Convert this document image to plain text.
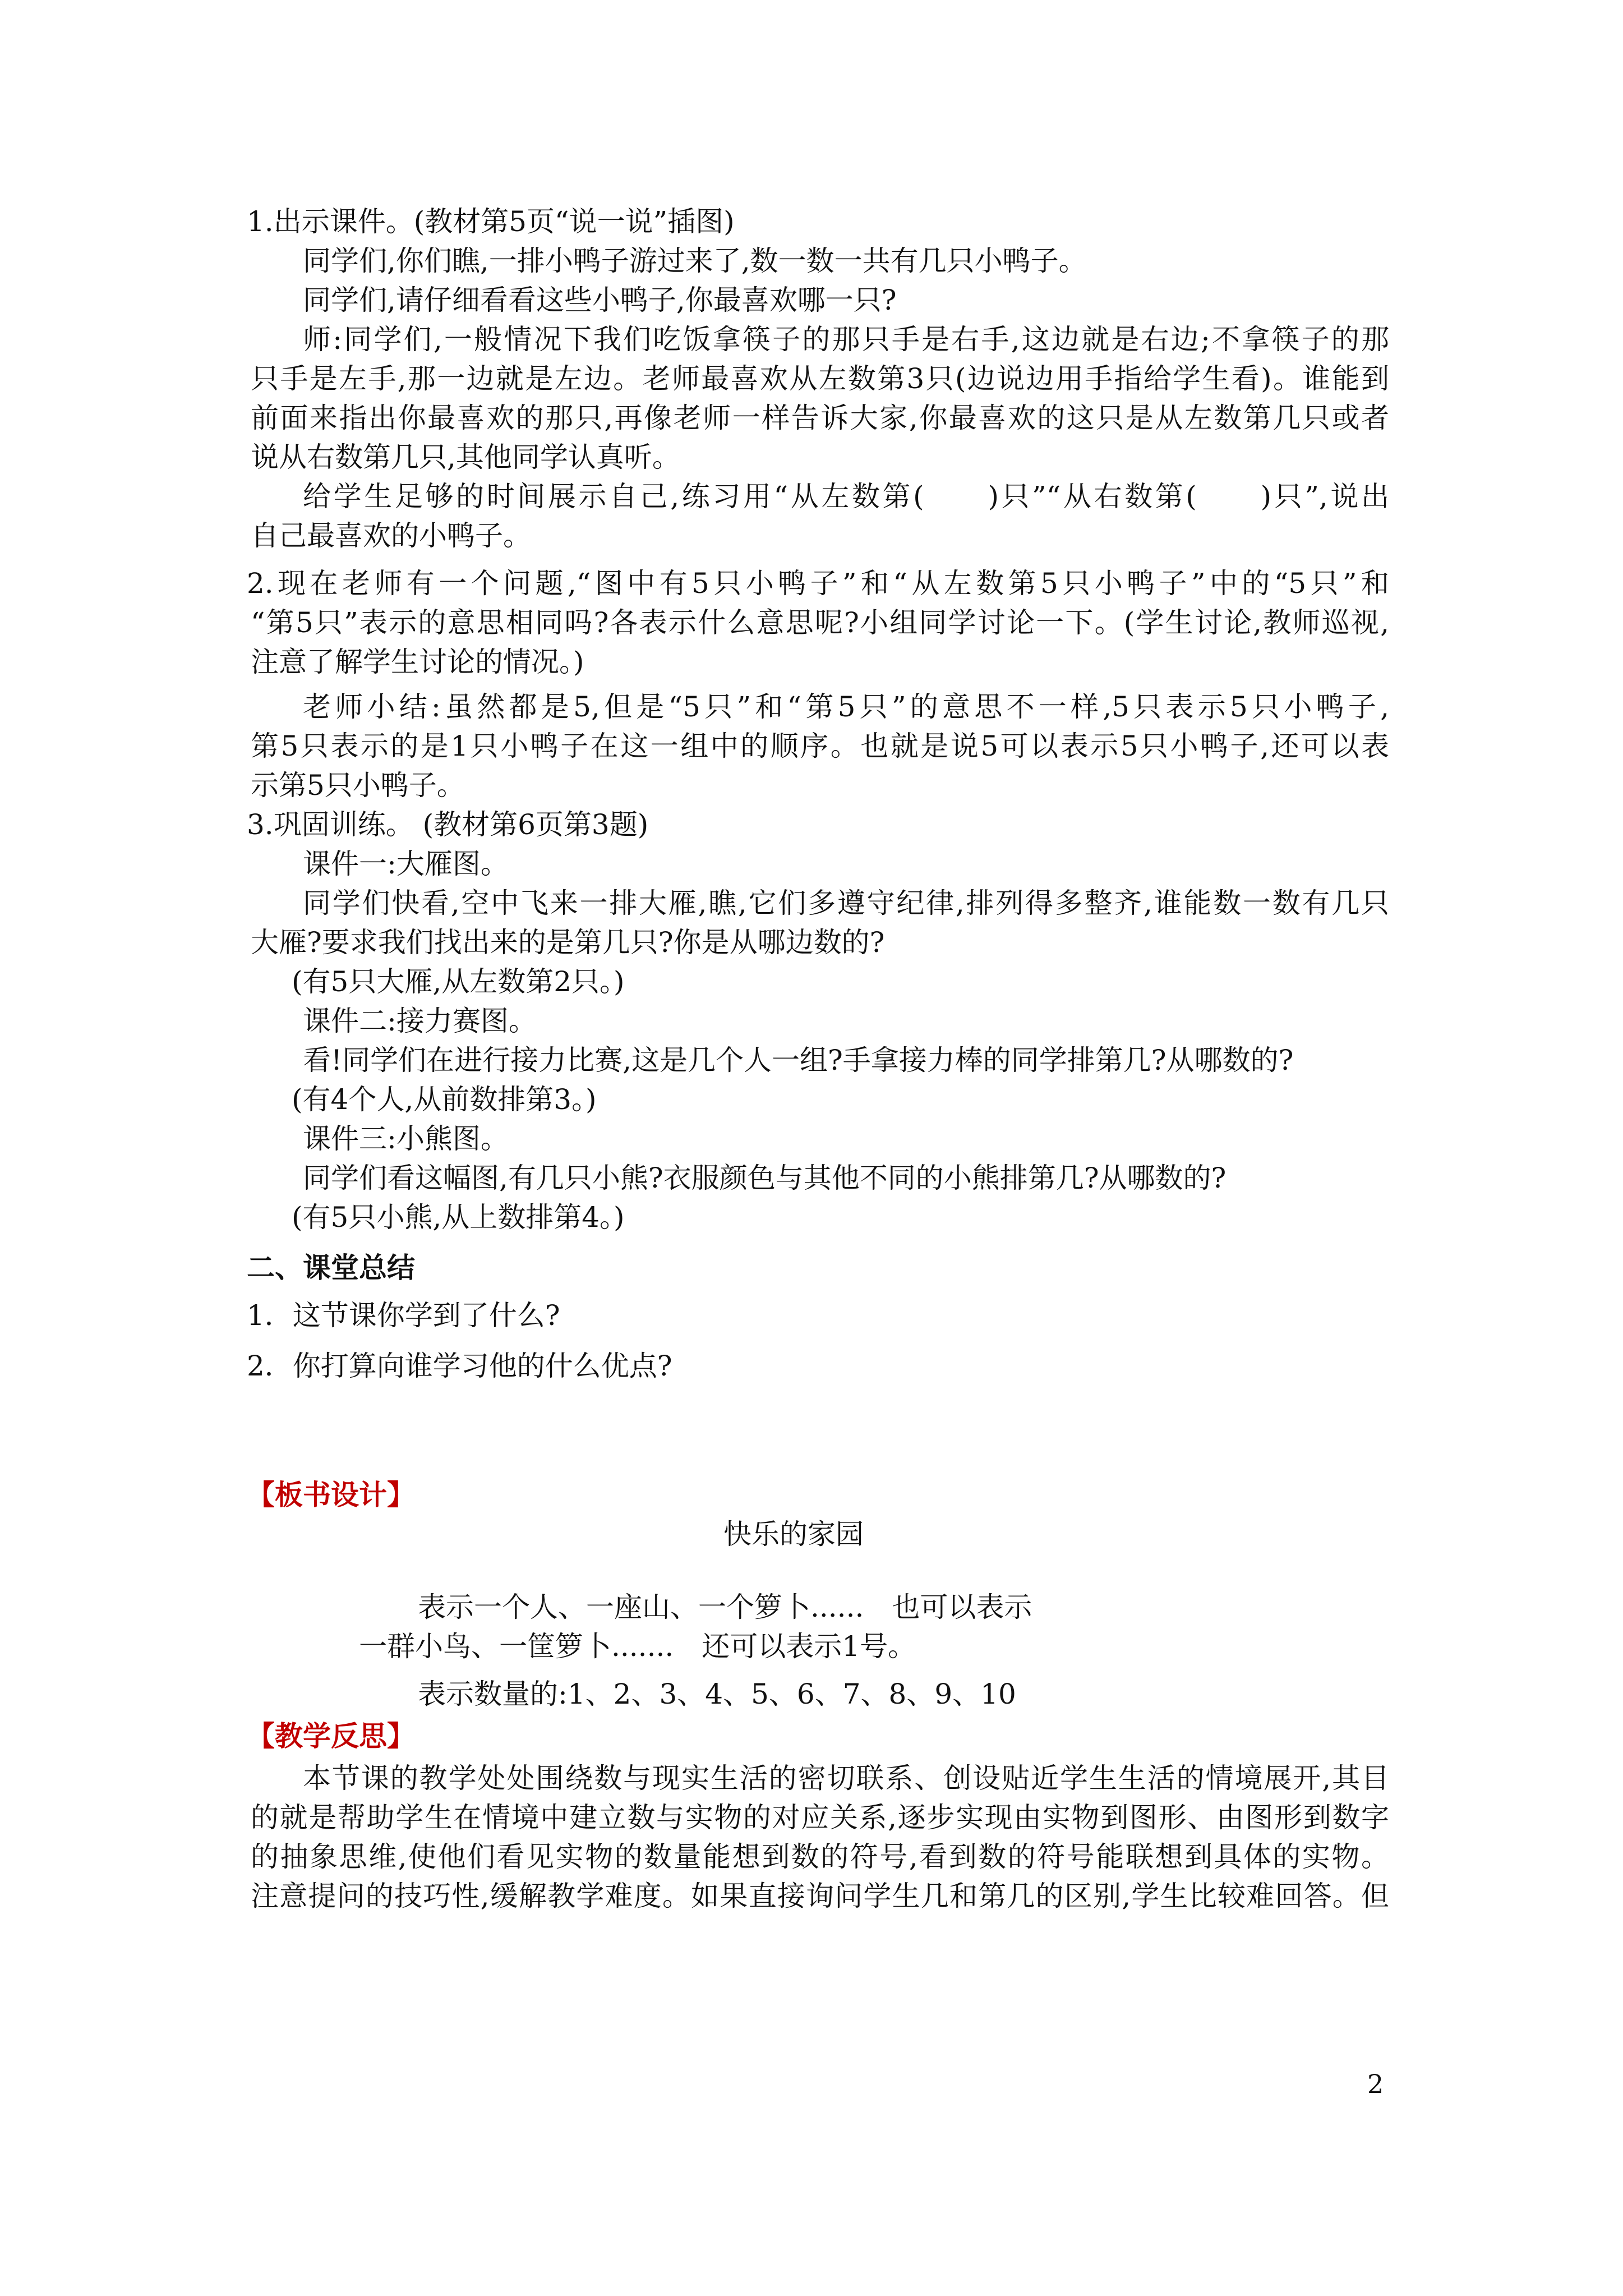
1.出示课件。(教材第5页“说一说”插图)
同学们,你们瞧,一排小鸭子游过来了,数一数一共有几只小鸭子。
同学们,请仔细看看这些小鸭子,你最喜欢哪一只?
师:同学们,一般情况下我们吃饭拿筷子的那只手是右手,这边就是右边;不拿筷子的那
只手是左手,那一边就是左边。老师最喜欢从左数第3只(边说边用手指给学生看)。谁能到
前面来指出你最喜欢的那只,再像老师一样告诉大家,你最喜欢的这只是从左数第几只或者
说从右数第几只,其他同学认真听。
给学生足够的时间展示自己,练习用“从左数第(　　)只”“从右数第(　　)只”,说出
自己最喜欢的小鸭子。
2.现在老师有一个问题,“图中有5只小鸭子”和“从左数第5只小鸭子”中的“5只”和
“第5只”表示的意思相同吗?各表示什么意思呢?小组同学讨论一下。(学生讨论,教师巡视,
注意了解学生讨论的情况。)
老师小结:虽然都是5,但是“5只”和“第5只”的意思不一样,5只表示5只小鸭子,
第5只表示的是1只小鸭子在这一组中的顺序。也就是说5可以表示5只小鸭子,还可以表
示第5只小鸭子。
3.巩固训练。 (教材第6页第3题)
课件一:大雁图。
同学们快看,空中飞来一排大雁,瞧,它们多遵守纪律,排列得多整齐,谁能数一数有几只
大雁?要求我们找出来的是第几只?你是从哪边数的?
(有5只大雁,从左数第2只。)
课件二:接力赛图。
看!同学们在进行接力比赛,这是几个人一组?手拿接力棒的同学排第几?从哪数的?
(有4个人,从前数排第3。)
课件三:小熊图。
同学们看这幅图,有几只小熊?衣服颜色与其他不同的小熊排第几?从哪数的?
(有5只小熊,从上数排第4。)
二、课堂总结
1．这节课你学到了什么?
2．你打算向谁学习他的什么优点?
【板书设计】
快乐的家园
表示一个人、一座山、一个箩卜......　也可以表示
一群小鸟、一筐箩卜.......　还可以表示1号。
表示数量的:1、2、3、4、5、6、7、8、9、10
【教学反思】
本节课的教学处处围绕数与现实生活的密切联系、创设贴近学生生活的情境展开,其目
的就是帮助学生在情境中建立数与实物的对应关系,逐步实现由实物到图形、由图形到数字
的抽象思维,使他们看见实物的数量能想到数的符号,看到数的符号能联想到具体的实物。
注意提问的技巧性,缓解教学难度。如果直接询问学生几和第几的区别,学生比较难回答。但
2
